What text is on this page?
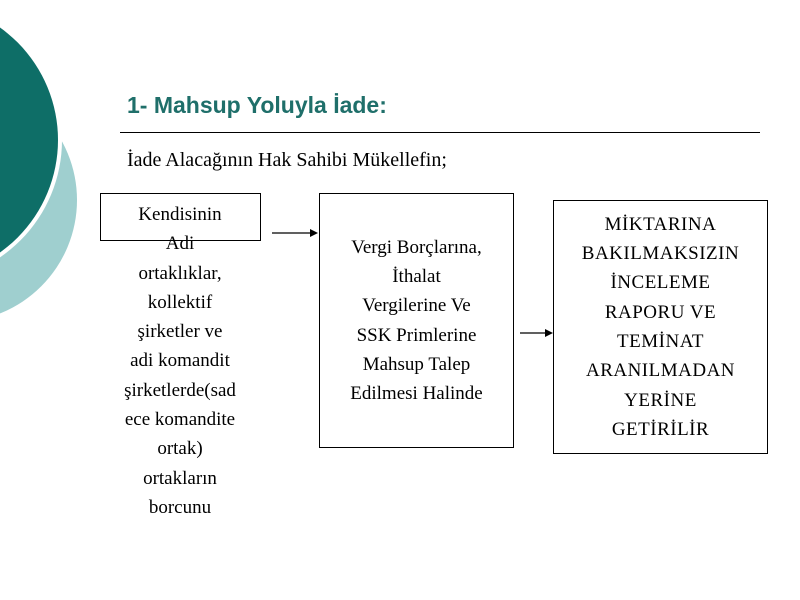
1- Mahsup Yoluyla İade:
İade Alacağının Hak Sahibi Mükellefin;
Kendisinin
Adi
ortaklıklar,
kollektif
şirketler ve
adi komandit
şirketlerde(sad
ece komandite
ortak)
ortakların
borcunu
Vergi Borçlarına,
İthalat
Vergilerine Ve
SSK Primlerine
Mahsup Talep
Edilmesi Halinde
MİKTARINA
BAKILMAKSIZIN
İNCELEME
RAPORU VE
TEMİNAT
ARANILMADAN
YERİNE
GETİRİLİR
